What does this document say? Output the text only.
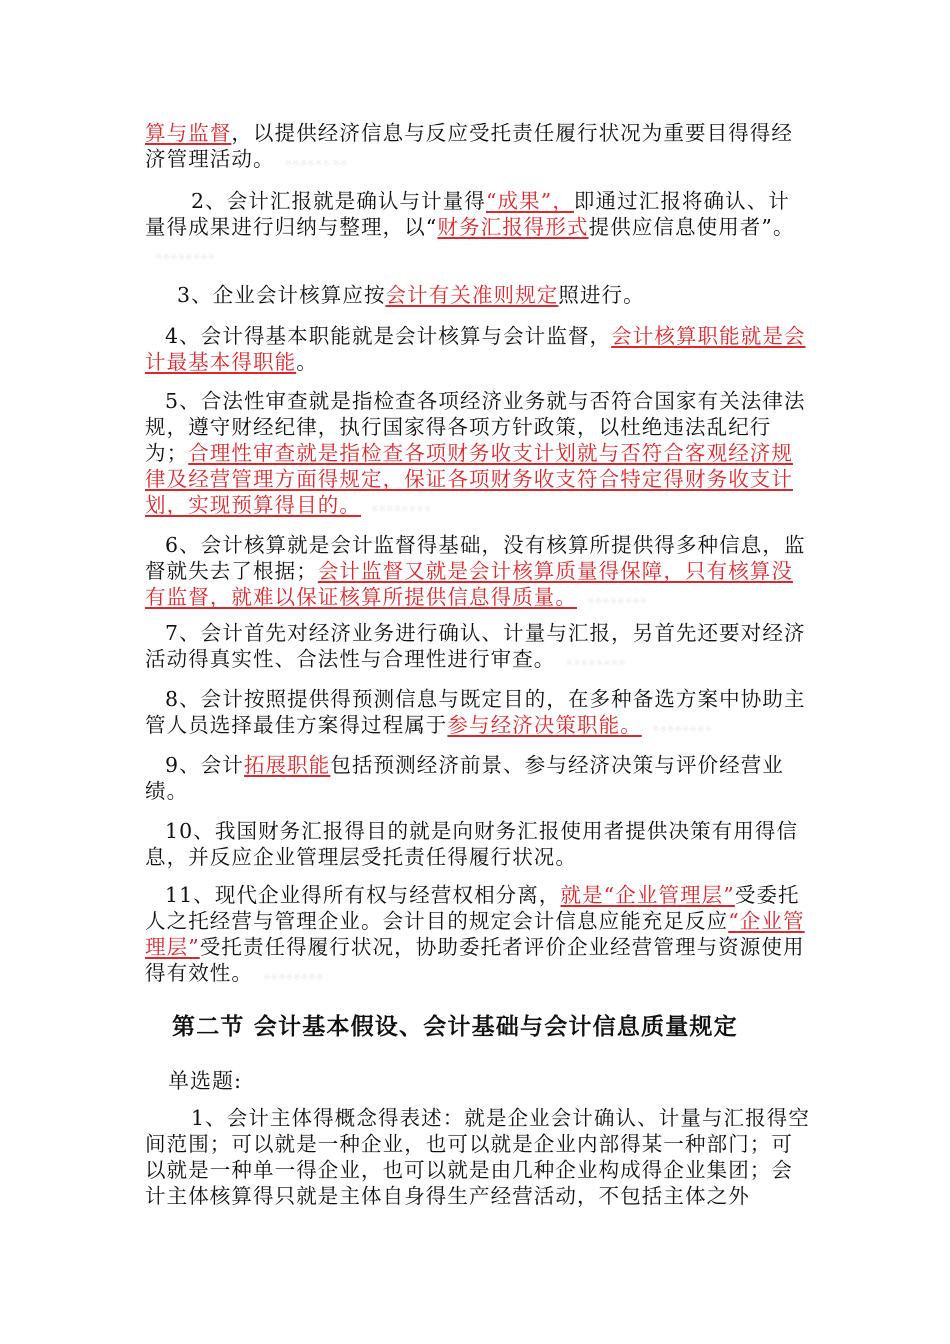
算与监督，以提供经济信息与反应受托责任履行状况为重要目得得经济管理活动。 ※※※※※※ ※※

2、会计汇报就是确认与计量得“成果”，即通过汇报将确认、计量得成果进行归纳与整理，以“财务汇报得形式提供应信息使用者”。※※※※※※※※

3、企业会计核算应按会计有关准则规定照进行。

4、会计得基本职能就是会计核算与会计监督，会计核算职能就是会计最基本得职能。

5、合法性审查就是指检查各项经济业务就与否符合国家有关法律法规，遵守财经纪律，执行国家得各项方针政策，以杜绝违法乱纪行为；合理性审查就是指检查各项财务收支计划就与否符合客观经济规律及经营管理方面得规定，保证各项财务收支符合特定得财务收支计划，实现预算得目的。 ※※※※※※※※

6、会计核算就是会计监督得基础，没有核算所提供得多种信息，监督就失去了根据；会计监督又就是会计核算质量得保障，只有核算没有监督，就难以保证核算所提供信息得质量。 ※※※※※※※※

7、会计首先对经济业务进行确认、计量与汇报，另首先还要对经济活动得真实性、合法性与合理性进行审查。 ※※※※※※※※

8、会计按照提供得预测信息与既定目的，在多种备选方案中协助主管人员选择最佳方案得过程属于参与经济决策职能。 ※※※※※※※※

9、会计拓展职能包括预测经济前景、参与经济决策与评价经营业绩。

10、我国财务汇报得目的就是向财务汇报使用者提供决策有用得信息，并反应企业管理层受托责任得履行状况。

11、现代企业得所有权与经营权相分离，就是“企业管理层”受委托人之托经营与管理企业。会计目的规定会计信息应能充足反应“企业管理层”受托责任得履行状况，协助委托者评价企业经营管理与资源使用得有效性。 ※※※※※※※※

第二节 会计基本假设、会计基础与会计信息质量规定

单选题:

1、会计主体得概念得表述：就是企业会计确认、计量与汇报得空间范围；可以就是一种企业，也可以就是企业内部得某一种部门；可以就是一种单一得企业，也可以就是由几种企业构成得企业集团；会计主体核算得只就是主体自身得生产经营活动，不包括主体之外
